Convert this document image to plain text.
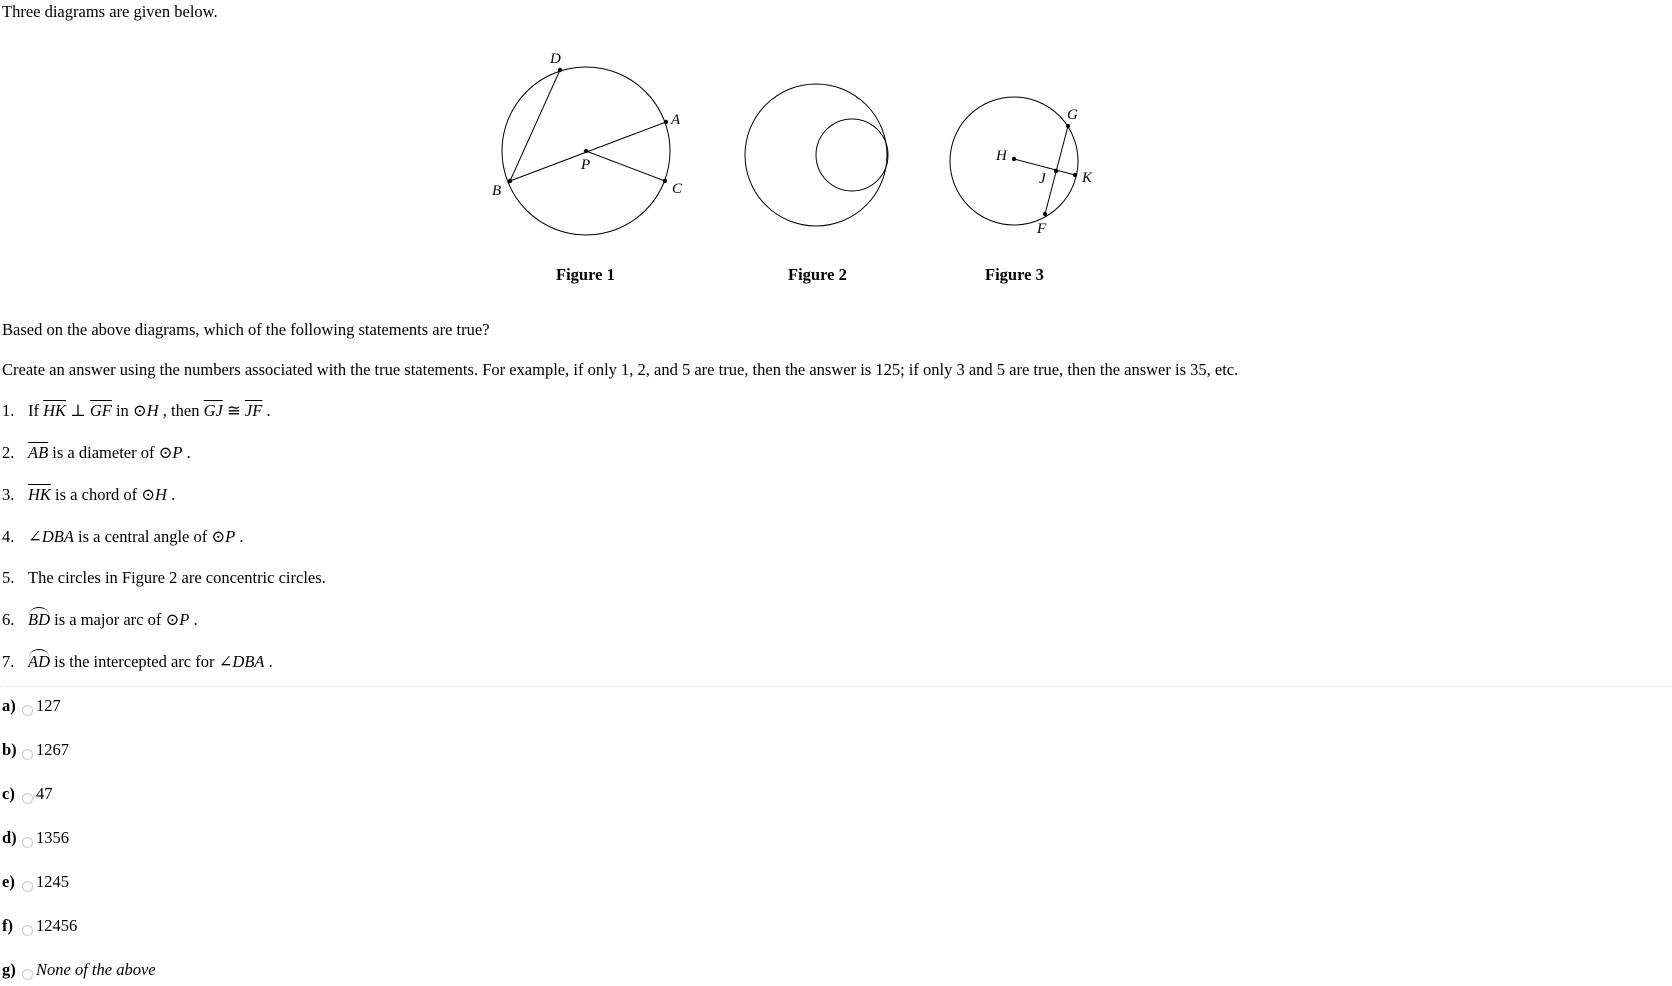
Three diagrams are given below.
D
A
P
B	C
Figure 1	Figure 2
G
H
J K
F
Figure 3
Based on the above diagrams, which of the following statements are true?
Create an answer using the numbers associated with the true statements. For example, if only 1, 2, and 5 are true, then the answer is 125; if only 3 and 5 are true, then the answer is 35, etc.
1. If $\overline{HK}$ ⊥ $\overline{GF}$ in ⊙H , then $\overline{GJ}$ ≅ $\overline{JF}$ .
2. $\overline{AB}$ is a diameter of ⊙P .
3. $\overline{HK}$ is a chord of ⊙H .
4. ∠DBA is a central angle of ⊙P .
5. The circles in Figure 2 are concentric circles.
6. BD is a major arc of ⊙P .
7. AD is the intercepted arc for ∠DBA .
a)	127
b)	1267
c)	47
d)	1356
e)	1245
f)	12456
g)	None of the above
